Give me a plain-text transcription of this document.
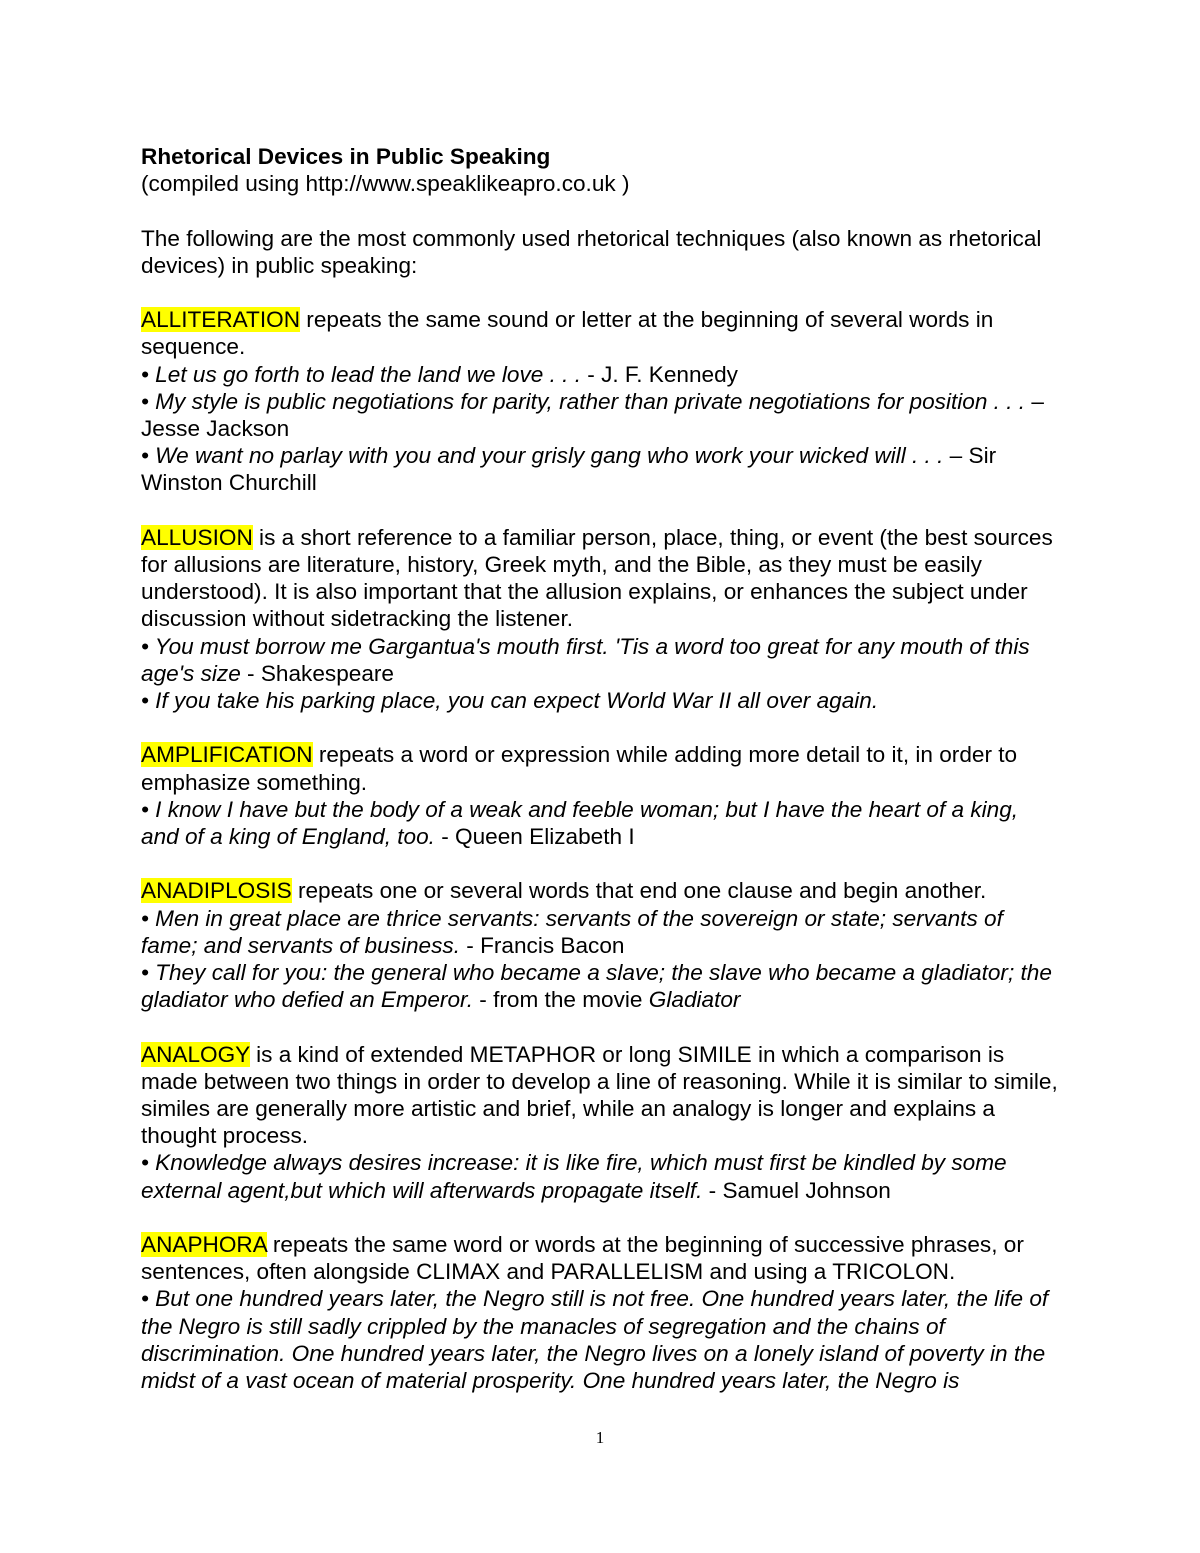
Rhetorical Devices in Public Speaking

(compiled using http://www.speaklikeapro.co.uk )

The following are the most commonly used rhetorical techniques (also known as rhetorical devices) in public speaking:

ALLITERATION repeats the same sound or letter at the beginning of several words in sequence.

• Let us go forth to lead the land we love . . . - J. F. Kennedy

• My style is public negotiations for parity, rather than private negotiations for position . . . – Jesse Jackson

• We want no parlay with you and your grisly gang who work your wicked will . . . – Sir Winston Churchill

ALLUSION is a short reference to a familiar person, place, thing, or event (the best sources for allusions are literature, history, Greek myth, and the Bible, as they must be easily understood). It is also important that the allusion explains, or enhances the subject under discussion without sidetracking the listener.

• You must borrow me Gargantua's mouth first. 'Tis a word too great for any mouth of this age's size - Shakespeare

• If you take his parking place, you can expect World War II all over again.

AMPLIFICATION repeats a word or expression while adding more detail to it, in order to emphasize something.

• I know I have but the body of a weak and feeble woman; but I have the heart of a king, and of a king of England, too. - Queen Elizabeth I

ANADIPLOSIS repeats one or several words that end one clause and begin another.

• Men in great place are thrice servants: servants of the sovereign or state; servants of fame; and servants of business. - Francis Bacon

• They call for you: the general who became a slave; the slave who became a gladiator; the gladiator who defied an Emperor. - from the movie Gladiator

ANALOGY is a kind of extended METAPHOR or long SIMILE in which a comparison is made between two things in order to develop a line of reasoning. While it is similar to simile, similes are generally more artistic and brief, while an analogy is longer and explains a thought process.

• Knowledge always desires increase: it is like fire, which must first be kindled by some external agent,but which will afterwards propagate itself. - Samuel Johnson

ANAPHORA repeats the same word or words at the beginning of successive phrases, or sentences, often alongside CLIMAX and PARALLELISM and using a TRICOLON.

• But one hundred years later, the Negro still is not free. One hundred years later, the life of the Negro is still sadly crippled by the manacles of segregation and the chains of discrimination. One hundred years later, the Negro lives on a lonely island of poverty in the midst of a vast ocean of material prosperity. One hundred years later, the Negro is

1
